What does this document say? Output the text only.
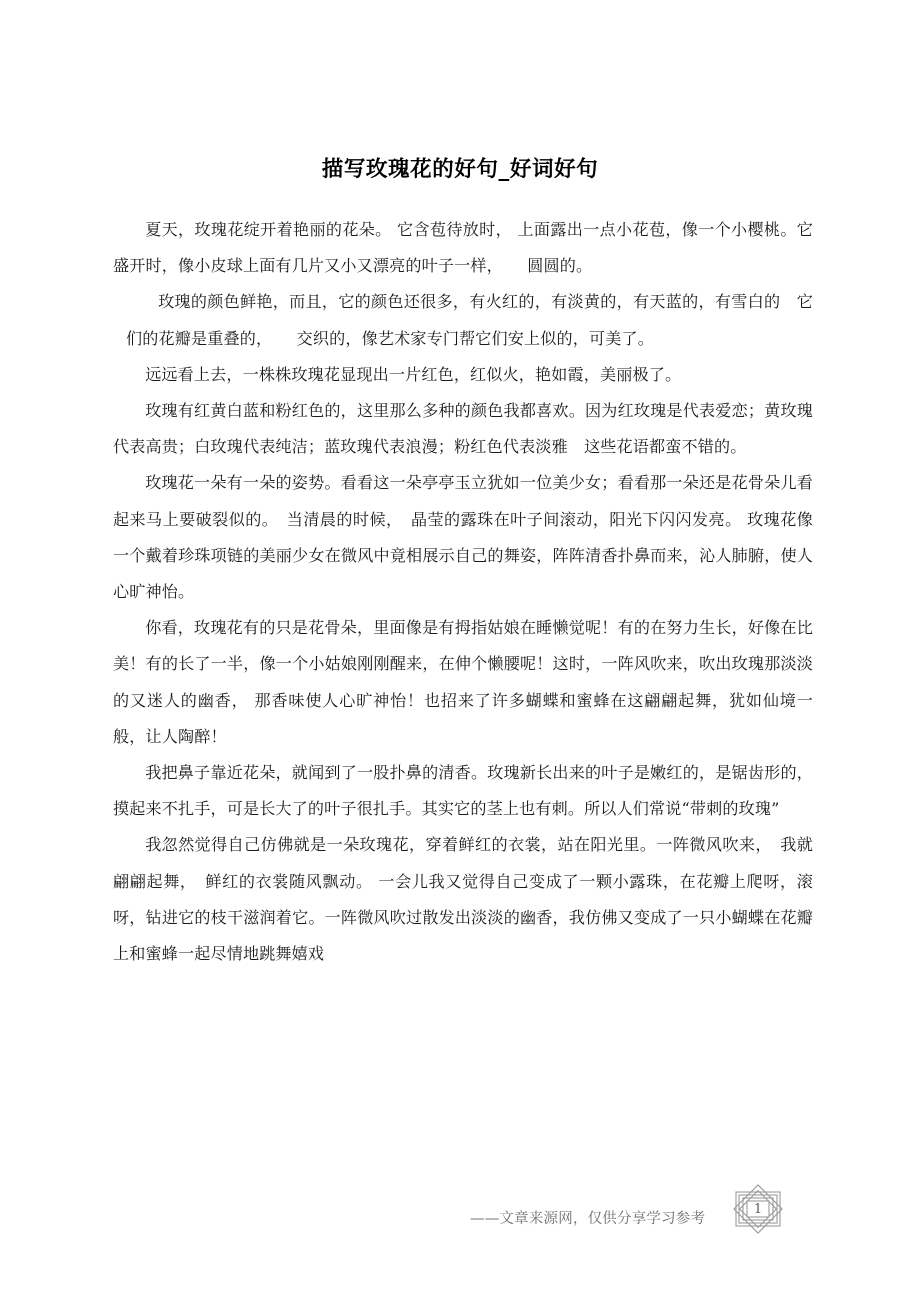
描写玫瑰花的好句_好词好句

夏天，玫瑰花绽开着艳丽的花朵。 它含苞待放时， 上面露出一点小花苞，像一个小樱桃。它盛开时，像小皮球上面有几片又小又漂亮的叶子一样，　　圆圆的。

玫瑰的颜色鲜艳，而且，它的颜色还很多，有火红的，有淡黄的，有天蓝的，有雪白的　它们的花瓣是重叠的，　　交织的，像艺术家专门帮它们安上似的，可美了。

远远看上去，一株株玫瑰花显现出一片红色，红似火，艳如霞，美丽极了。

玫瑰有红黄白蓝和粉红色的，这里那么多种的颜色我都喜欢。因为红玫瑰是代表爱恋；黄玫瑰代表高贵；白玫瑰代表纯洁；蓝玫瑰代表浪漫；粉红色代表淡雅　这些花语都蛮不错的。

玫瑰花一朵有一朵的姿势。看看这一朵亭亭玉立犹如一位美少女；看看那一朵还是花骨朵儿看起来马上要破裂似的。　当清晨的时候，　晶莹的露珠在叶子间滚动，阳光下闪闪发亮。 玫瑰花像一个戴着珍珠项链的美丽少女在微风中竟相展示自己的舞姿，阵阵清香扑鼻而来，沁人肺腑，使人心旷神怡。

你看，玫瑰花有的只是花骨朵，里面像是有拇指姑娘在睡懒觉呢！有的在努力生长，好像在比美！有的长了一半，像一个小姑娘刚刚醒来，在伸个懒腰呢！这时，一阵风吹来，吹出玫瑰那淡淡的又迷人的幽香， 那香味使人心旷神怡！也招来了许多蝴蝶和蜜蜂在这翩翩起舞，犹如仙境一般，让人陶醉！

我把鼻子靠近花朵，就闻到了一股扑鼻的清香。玫瑰新长出来的叶子是嫩红的，是锯齿形的，摸起来不扎手，可是长大了的叶子很扎手。其实它的茎上也有刺。所以人们常说“带刺的玫瑰”

我忽然觉得自己仿佛就是一朵玫瑰花，穿着鲜红的衣裳，站在阳光里。一阵微风吹来，　我就翩翩起舞，　鲜红的衣裳随风飘动。 一会儿我又觉得自己变成了一颗小露珠，在花瓣上爬呀，滚呀，钻进它的枝干滋润着它。一阵微风吹过散发出淡淡的幽香，我仿佛又变成了一只小蝴蝶在花瓣上和蜜蜂一起尽情地跳舞嬉戏

——文章来源网，仅供分享学习参考
1
